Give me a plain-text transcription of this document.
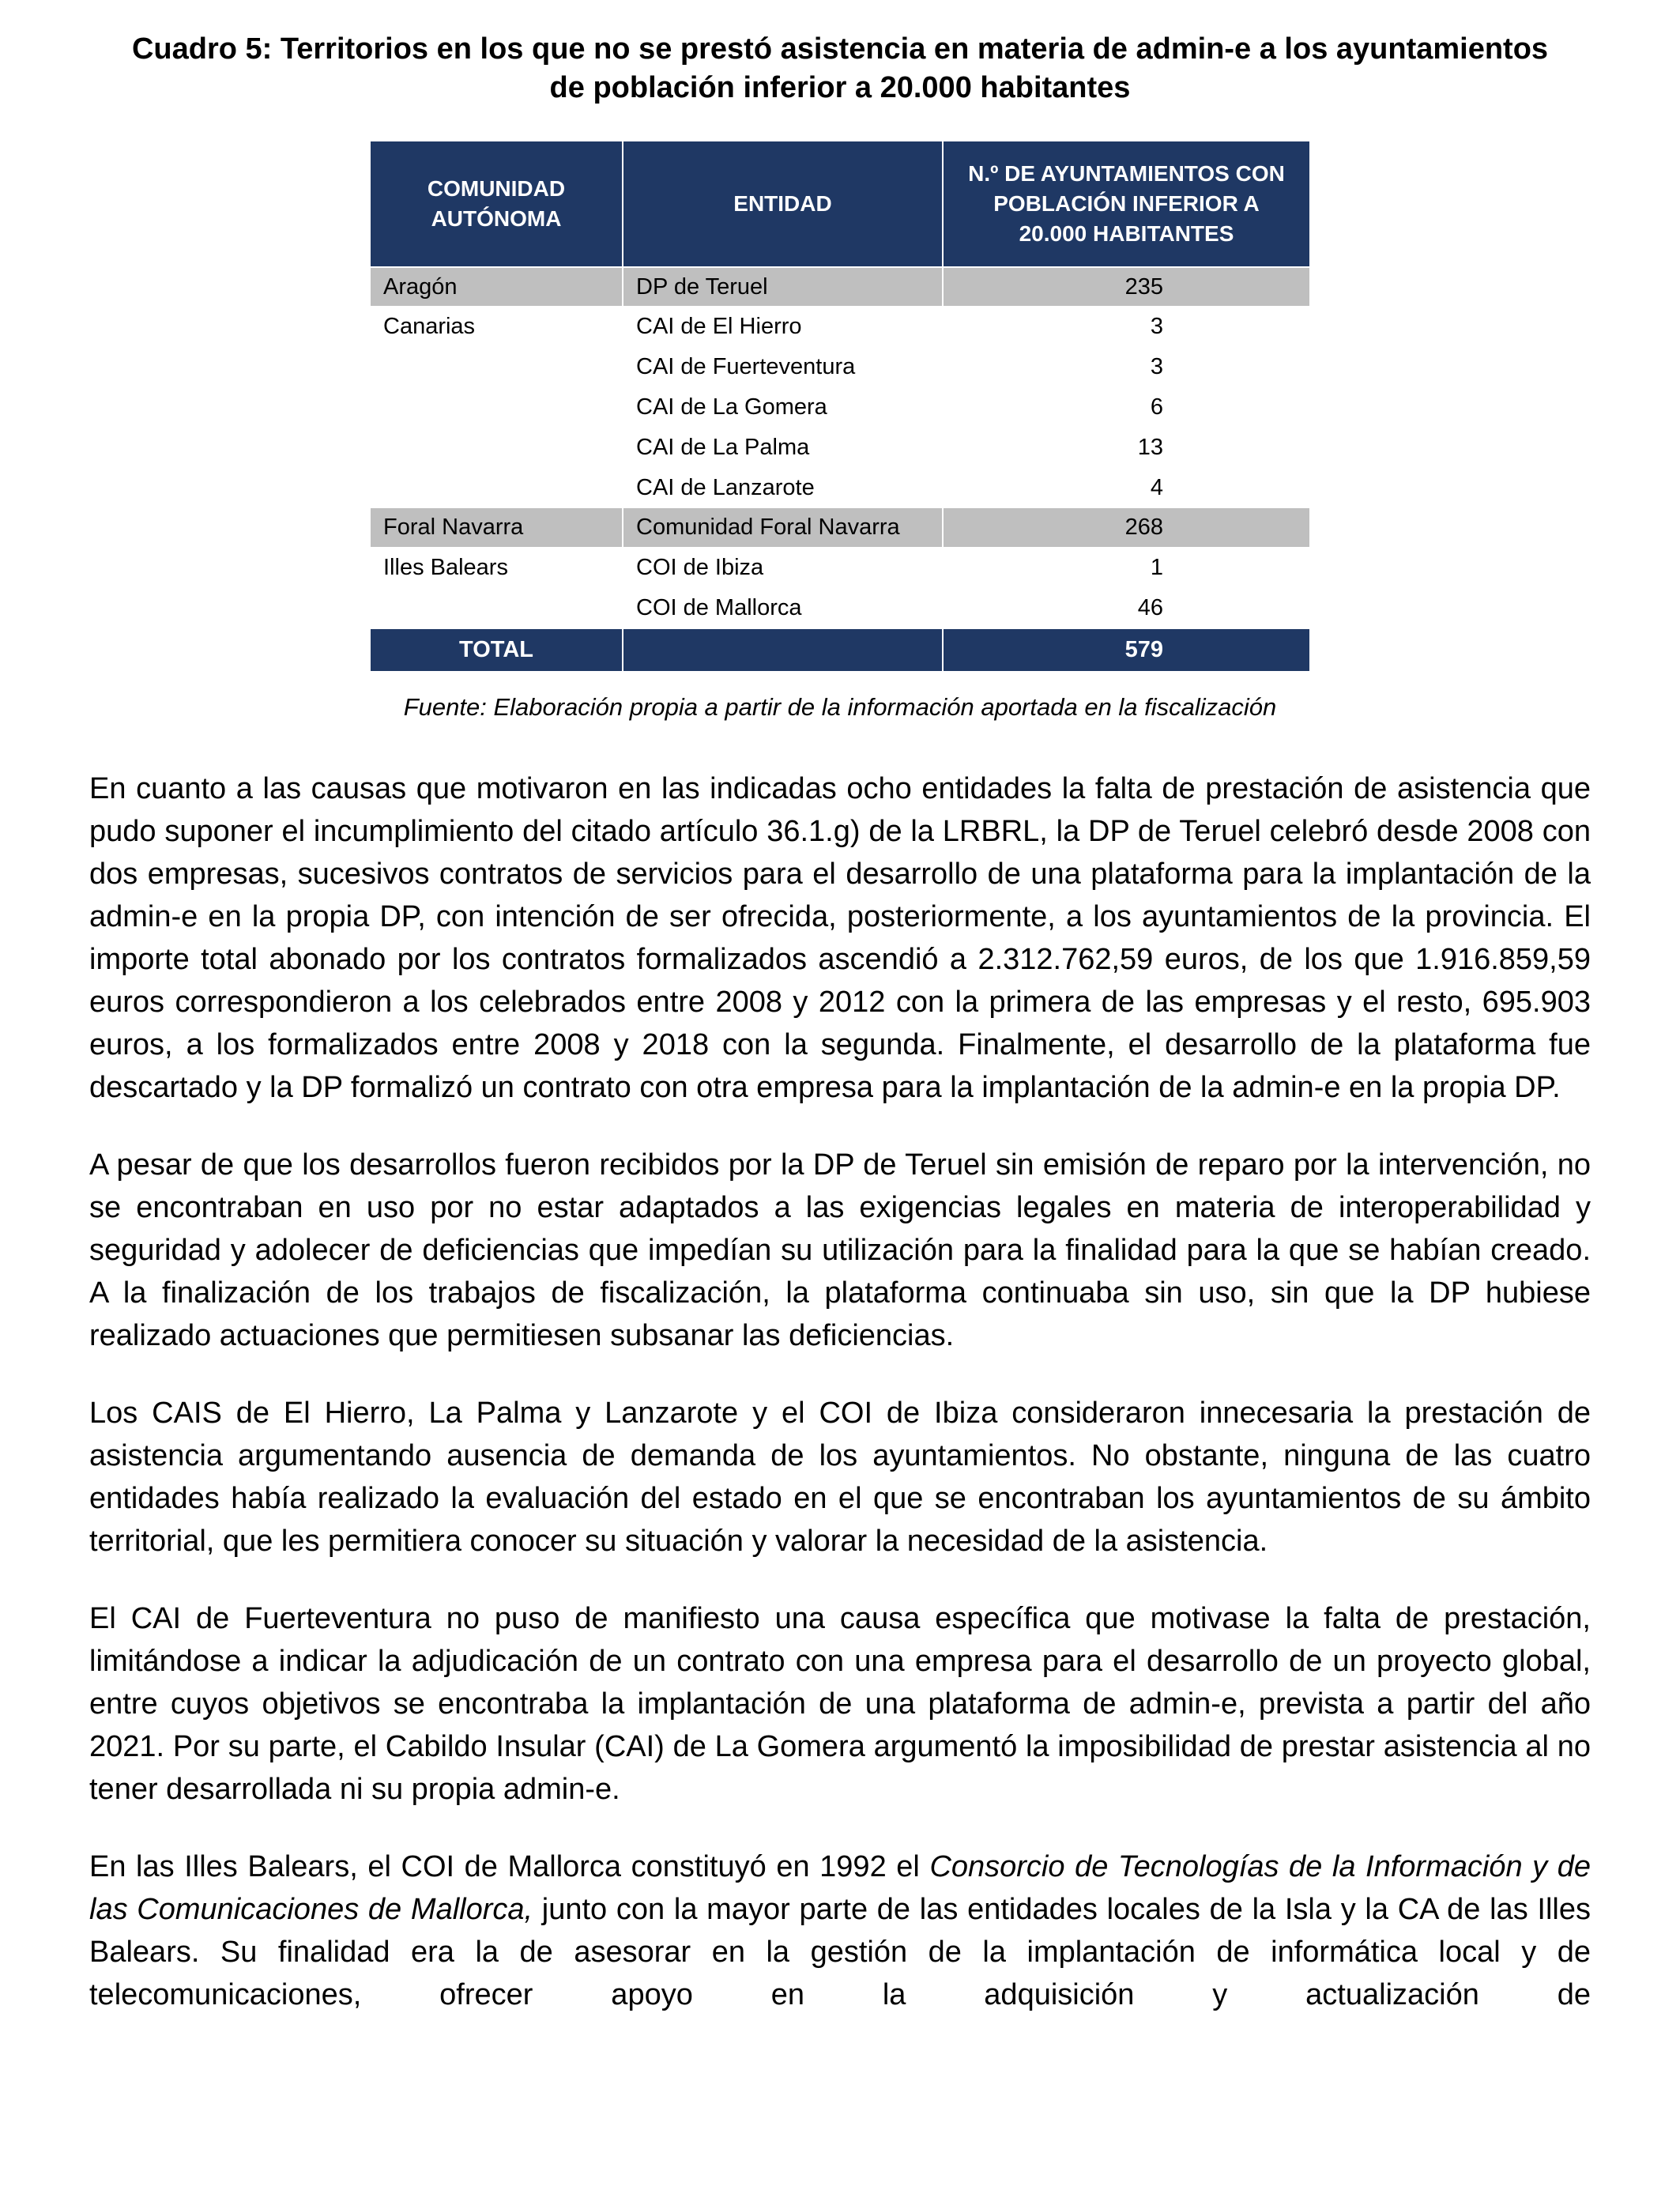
Cuadro 5: Territorios en los que no se prestó asistencia en materia de admin-e a los ayuntamientos de población inferior a 20.000 habitantes
COMUNIDAD AUTÓNOMA	ENTIDAD	N.º DE AYUNTAMIENTOS CON POBLACIÓN INFERIOR A 20.000 HABITANTES
Aragón	DP de Teruel	235
Canarias	CAI de El Hierro	3
	CAI de Fuerteventura	3
	CAI de La Gomera	6
	CAI de La Palma	13
	CAI de Lanzarote	4
Foral Navarra	Comunidad Foral Navarra	268
Illes Balears	COI de Ibiza	1
	COI de Mallorca	46
TOTAL		579

Fuente: Elaboración propia a partir de la información aportada en la fiscalización

En cuanto a las causas que motivaron en las indicadas ocho entidades la falta de prestación de asistencia que pudo suponer el incumplimiento del citado artículo 36.1.g) de la LRBRL, la DP de Teruel celebró desde 2008 con dos empresas, sucesivos contratos de servicios para el desarrollo de una plataforma para la implantación de la admin-e en la propia DP, con intención de ser ofrecida, posteriormente, a los ayuntamientos de la provincia. El importe total abonado por los contratos formalizados ascendió a 2.312.762,59 euros, de los que 1.916.859,59 euros correspondieron a los celebrados entre 2008 y 2012 con la primera de las empresas y el resto, 695.903 euros, a los formalizados entre 2008 y 2018 con la segunda. Finalmente, el desarrollo de la plataforma fue descartado y la DP formalizó un contrato con otra empresa para la implantación de la admin-e en la propia DP.

A pesar de que los desarrollos fueron recibidos por la DP de Teruel sin emisión de reparo por la intervención, no se encontraban en uso por no estar adaptados a las exigencias legales en materia de interoperabilidad y seguridad y adolecer de deficiencias que impedían su utilización para la finalidad para la que se habían creado. A la finalización de los trabajos de fiscalización, la plataforma continuaba sin uso, sin que la DP hubiese realizado actuaciones que permitiesen subsanar las deficiencias.

Los CAIS de El Hierro, La Palma y Lanzarote y el COI de Ibiza consideraron innecesaria la prestación de asistencia argumentando ausencia de demanda de los ayuntamientos. No obstante, ninguna de las cuatro entidades había realizado la evaluación del estado en el que se encontraban los ayuntamientos de su ámbito territorial, que les permitiera conocer su situación y valorar la necesidad de la asistencia.

El CAI de Fuerteventura no puso de manifiesto una causa específica que motivase la falta de prestación, limitándose a indicar la adjudicación de un contrato con una empresa para el desarrollo de un proyecto global, entre cuyos objetivos se encontraba la implantación de una plataforma de admin-e, prevista a partir del año 2021. Por su parte, el Cabildo Insular (CAI) de La Gomera argumentó la imposibilidad de prestar asistencia al no tener desarrollada ni su propia admin-e.

En las Illes Balears, el COI de Mallorca constituyó en 1992 el Consorcio de Tecnologías de la Información y de las Comunicaciones de Mallorca, junto con la mayor parte de las entidades locales de la Isla y la CA de las Illes Balears. Su finalidad era la de asesorar en la gestión de la implantación de informática local y de telecomunicaciones, ofrecer apoyo en la adquisición y actualización de
